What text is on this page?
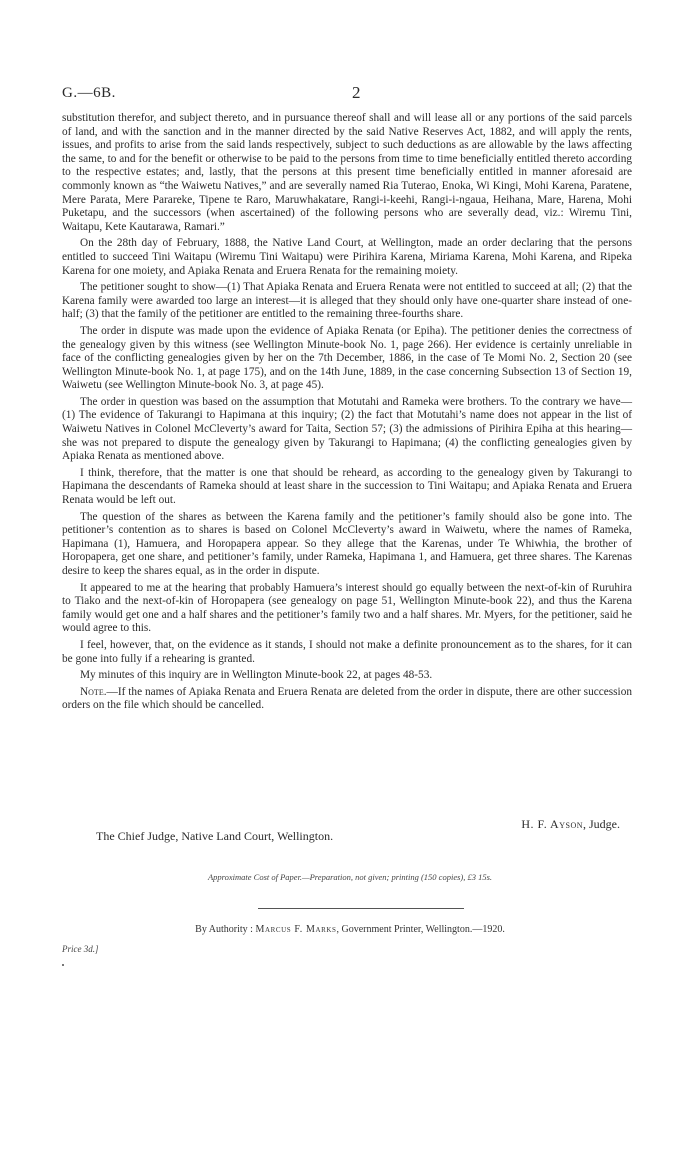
G.—6B.	2

substitution therefor, and subject thereto, and in pursuance thereof shall and will lease all or any portions of the said parcels of land, and with the sanction and in the manner directed by the said Native Reserves Act, 1882, and will apply the rents, issues, and profits to arise from the said lands respectively, subject to such deductions as are allowable by the laws affecting the same, to and for the benefit or otherwise to be paid to the persons from time to time beneficially entitled thereto according to the respective estates; and, lastly, that the persons at this present time beneficially entitled in manner aforesaid are commonly known as “the Waiwetu Natives,” and are severally named Ria Tuterao, Enoka, Wi Kingi, Mohi Karena, Paratene, Mere Parata, Mere Parareke, Tipene te Raro, Maruwhakatare, Rangi-i-keehi, Rangi-i-ngaua, Heihana, Mare, Harena, Mohi Puketapu, and the successors (when ascertained) of the following persons who are severally dead, viz.: Wiremu Tini, Waitapu, Kete Kautarawa, Ramari.”

On the 28th day of February, 1888, the Native Land Court, at Wellington, made an order declaring that the persons entitled to succeed Tini Waitapu (Wiremu Tini Waitapu) were Pirihira Karena, Miriama Karena, Mohi Karena, and Ripeka Karena for one moiety, and Apiaka Renata and Eruera Renata for the remaining moiety.

The petitioner sought to show—(1) That Apiaka Renata and Eruera Renata were not entitled to succeed at all; (2) that the Karena family were awarded too large an interest—it is alleged that they should only have one-quarter share instead of one-half; (3) that the family of the petitioner are entitled to the remaining three-fourths share.

The order in dispute was made upon the evidence of Apiaka Renata (or Epiha). The petitioner denies the correctness of the genealogy given by this witness (see Wellington Minute-book No. 1, page 266). Her evidence is certainly unreliable in face of the conflicting genealogies given by her on the 7th December, 1886, in the case of Te Momi No. 2, Section 20 (see Wellington Minute-book No. 1, at page 175), and on the 14th June, 1889, in the case concerning Subsection 13 of Section 19, Waiwetu (see Wellington Minute-book No. 3, at page 45).

The order in question was based on the assumption that Motutahi and Rameka were brothers. To the contrary we have—(1) The evidence of Takurangi to Hapimana at this inquiry; (2) the fact that Motutahi’s name does not appear in the list of Waiwetu Natives in Colonel McCleverty’s award for Taita, Section 57; (3) the admissions of Pirihira Epiha at this hearing—she was not prepared to dispute the genealogy given by Takurangi to Hapimana; (4) the conflicting genealogies given by Apiaka Renata as mentioned above.

I think, therefore, that the matter is one that should be reheard, as according to the genealogy given by Takurangi to Hapimana the descendants of Rameka should at least share in the succession to Tini Waitapu; and Apiaka Renata and Eruera Renata would be left out.

The question of the shares as between the Karena family and the petitioner’s family should also be gone into. The petitioner’s contention as to shares is based on Colonel McCleverty’s award in Waiwetu, where the names of Rameka, Hapimana (1), Hamuera, and Horopapera appear. So they allege that the Karenas, under Te Whiwhia, the brother of Horopapera, get one share, and petitioner’s family, under Rameka, Hapimana 1, and Hamuera, get three shares. The Karenas desire to keep the shares equal, as in the order in dispute.

It appeared to me at the hearing that probably Hamuera’s interest should go equally between the next-of-kin of Ruruhira to Tiako and the next-of-kin of Horopapera (see genealogy on page 51, Wellington Minute-book 22), and thus the Karena family would get one and a half shares and the petitioner’s family two and a half shares. Mr. Myers, for the petitioner, said he would agree to this.

I feel, however, that, on the evidence as it stands, I should not make a definite pronouncement as to the shares, for it can be gone into fully if a rehearing is granted.

My minutes of this inquiry are in Wellington Minute-book 22, at pages 48-53.

Note.—If the names of Apiaka Renata and Eruera Renata are deleted from the order in dispute, there are other succession orders on the file which should be cancelled.

H. F. Ayson, Judge.
The Chief Judge, Native Land Court, Wellington.
Approximate Cost of Paper.—Preparation, not given; printing (150 copies), £3 15s.
By Authority : Marcus F. Marks, Government Printer, Wellington.—1920.
Price 3d.]
